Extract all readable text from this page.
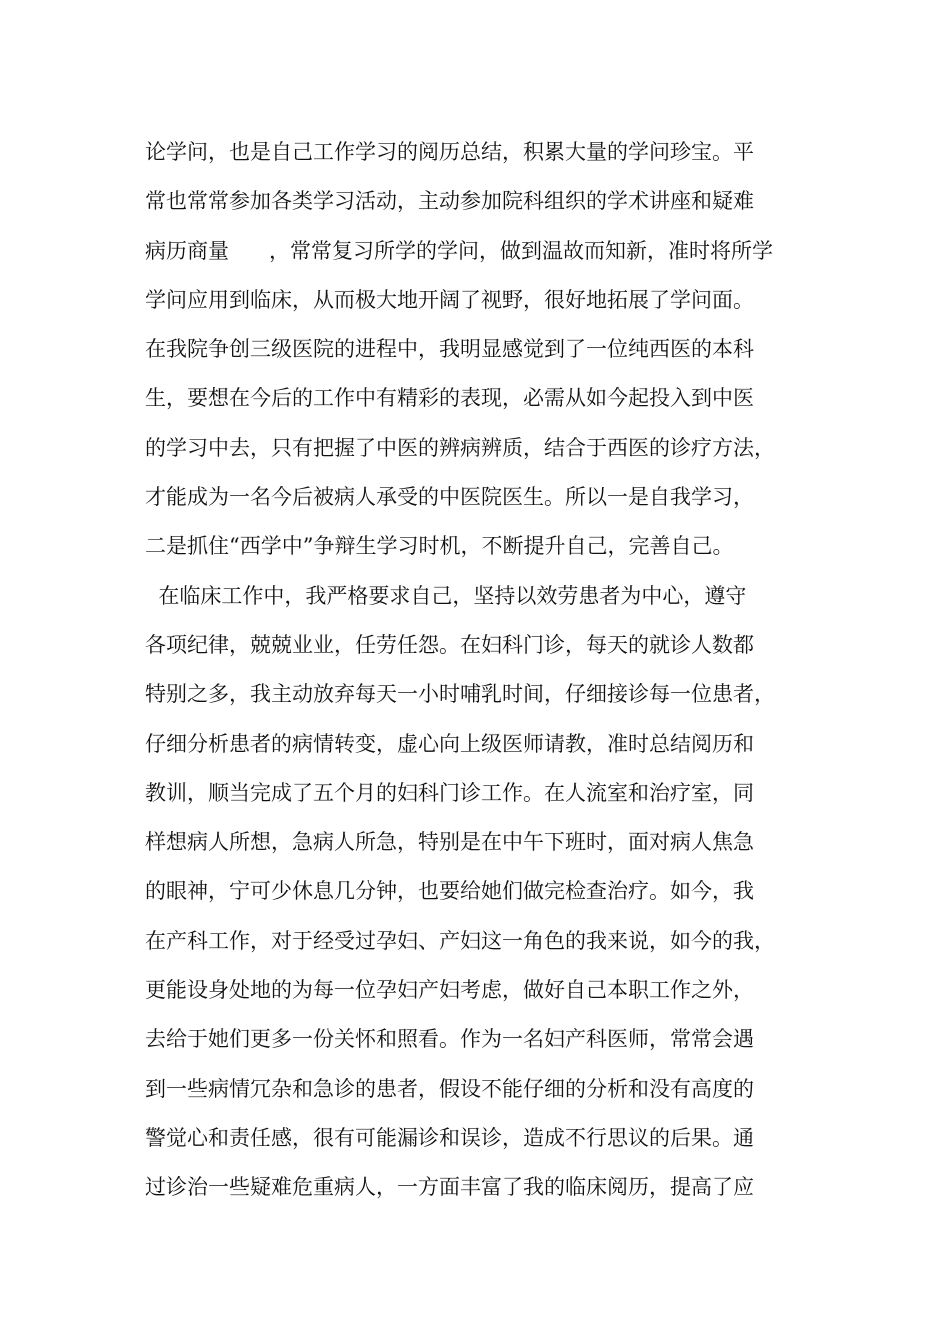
论学问，也是自己工作学习的阅历总结，积累大量的学问珍宝。平
常也常常参加各类学习活动，主动参加院科组织的学术讲座和疑难
病历商量      ，常常复习所学的学问，做到温故而知新，准时将所学
学问应用到临床，从而极大地开阔了视野，很好地拓展了学问面。
在我院争创三级医院的进程中，我明显感觉到了一位纯西医的本科
生，要想在今后的工作中有精彩的表现，必需从如今起投入到中医
的学习中去，只有把握了中医的辨病辨质，结合于西医的诊疗方法，
才能成为一名今后被病人承受的中医院医生。所以一是自我学习，
二是抓住“西学中”争辩生学习时机，不断提升自己，完善自己。
在临床工作中，我严格要求自己，坚持以效劳患者为中心，遵守
各项纪律，兢兢业业，任劳任怨。在妇科门诊，每天的就诊人数都
特别之多，我主动放弃每天一小时哺乳时间，仔细接诊每一位患者，
仔细分析患者的病情转变，虚心向上级医师请教，准时总结阅历和
教训，顺当完成了五个月的妇科门诊工作。在人流室和治疗室，同
样想病人所想，急病人所急，特别是在中午下班时，面对病人焦急
的眼神，宁可少休息几分钟，也要给她们做完检查治疗。如今，我
在产科工作，对于经受过孕妇、产妇这一角色的我来说，如今的我，
更能设身处地的为每一位孕妇产妇考虑，做好自己本职工作之外，
去给于她们更多一份关怀和照看。作为一名妇产科医师，常常会遇
到一些病情冗杂和急诊的患者，假设不能仔细的分析和没有高度的
警觉心和责任感，很有可能漏诊和误诊，造成不行思议的后果。通
过诊治一些疑难危重病人，一方面丰富了我的临床阅历，提高了应
